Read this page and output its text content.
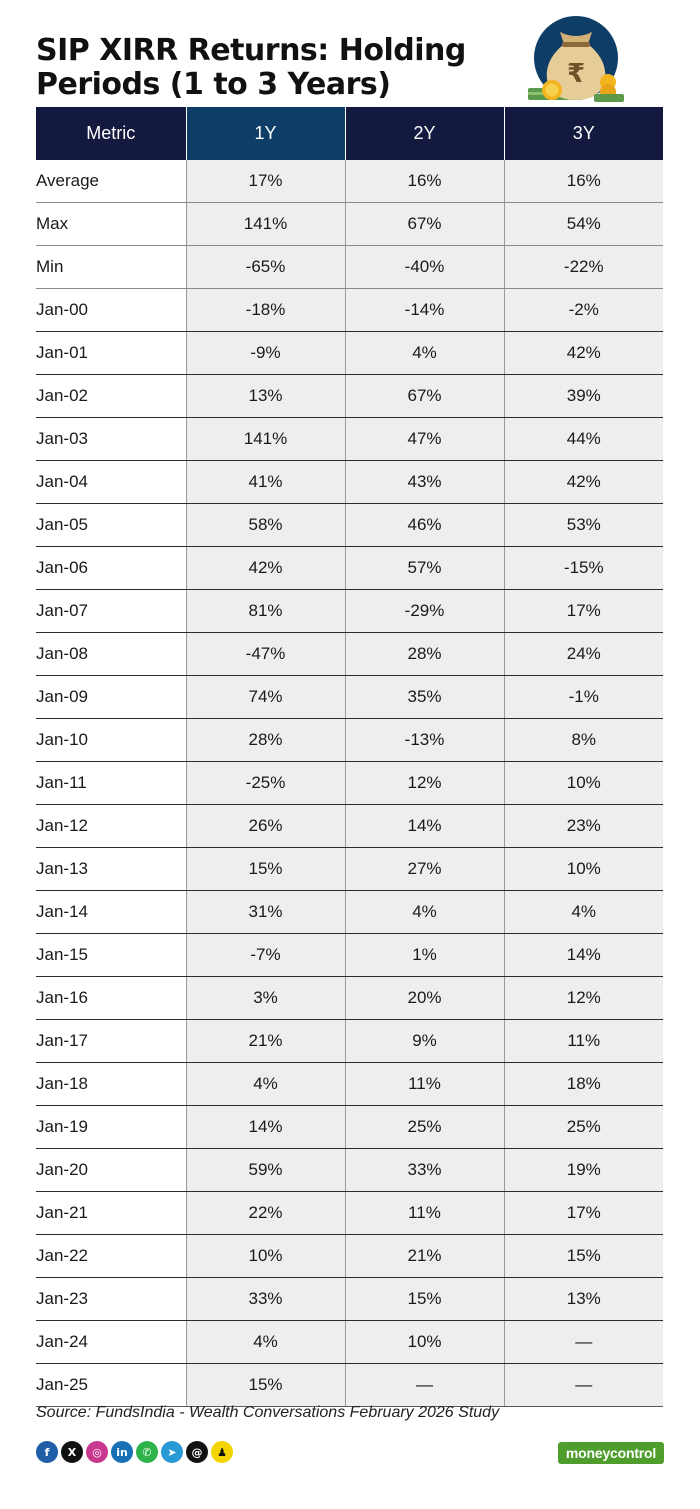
SIP XIRR Returns: Holding Periods (1 to 3 Years)	₹
Metric	1Y	2Y	3Y
Average	17%	16%	16%
Max	141%	67%	54%
Min	-65%	-40%	-22%
Jan-00	-18%	-14%	-2%
Jan-01	-9%	4%	42%
Jan-02	13%	67%	39%
Jan-03	141%	47%	44%
Jan-04	41%	43%	42%
Jan-05	58%	46%	53%
Jan-06	42%	57%	-15%
Jan-07	81%	-29%	17%
Jan-08	-47%	28%	24%
Jan-09	74%	35%	-1%
Jan-10	28%	-13%	8%
Jan-11	-25%	12%	10%
Jan-12	26%	14%	23%
Jan-13	15%	27%	10%
Jan-14	31%	4%	4%
Jan-15	-7%	1%	14%
Jan-16	3%	20%	12%
Jan-17	21%	9%	11%
Jan-18	4%	11%	18%
Jan-19	14%	25%	25%
Jan-20	59%	33%	19%
Jan-21	22%	11%	17%
Jan-22	10%	21%	15%
Jan-23	33%	15%	13%
Jan-24	4%	10%	—
Jan-25	15%	—	—
Source: FundsIndia - Wealth Conversations February 2026 Study
f	X	◎	in	✆	➤	@	♟	moneycontrol
